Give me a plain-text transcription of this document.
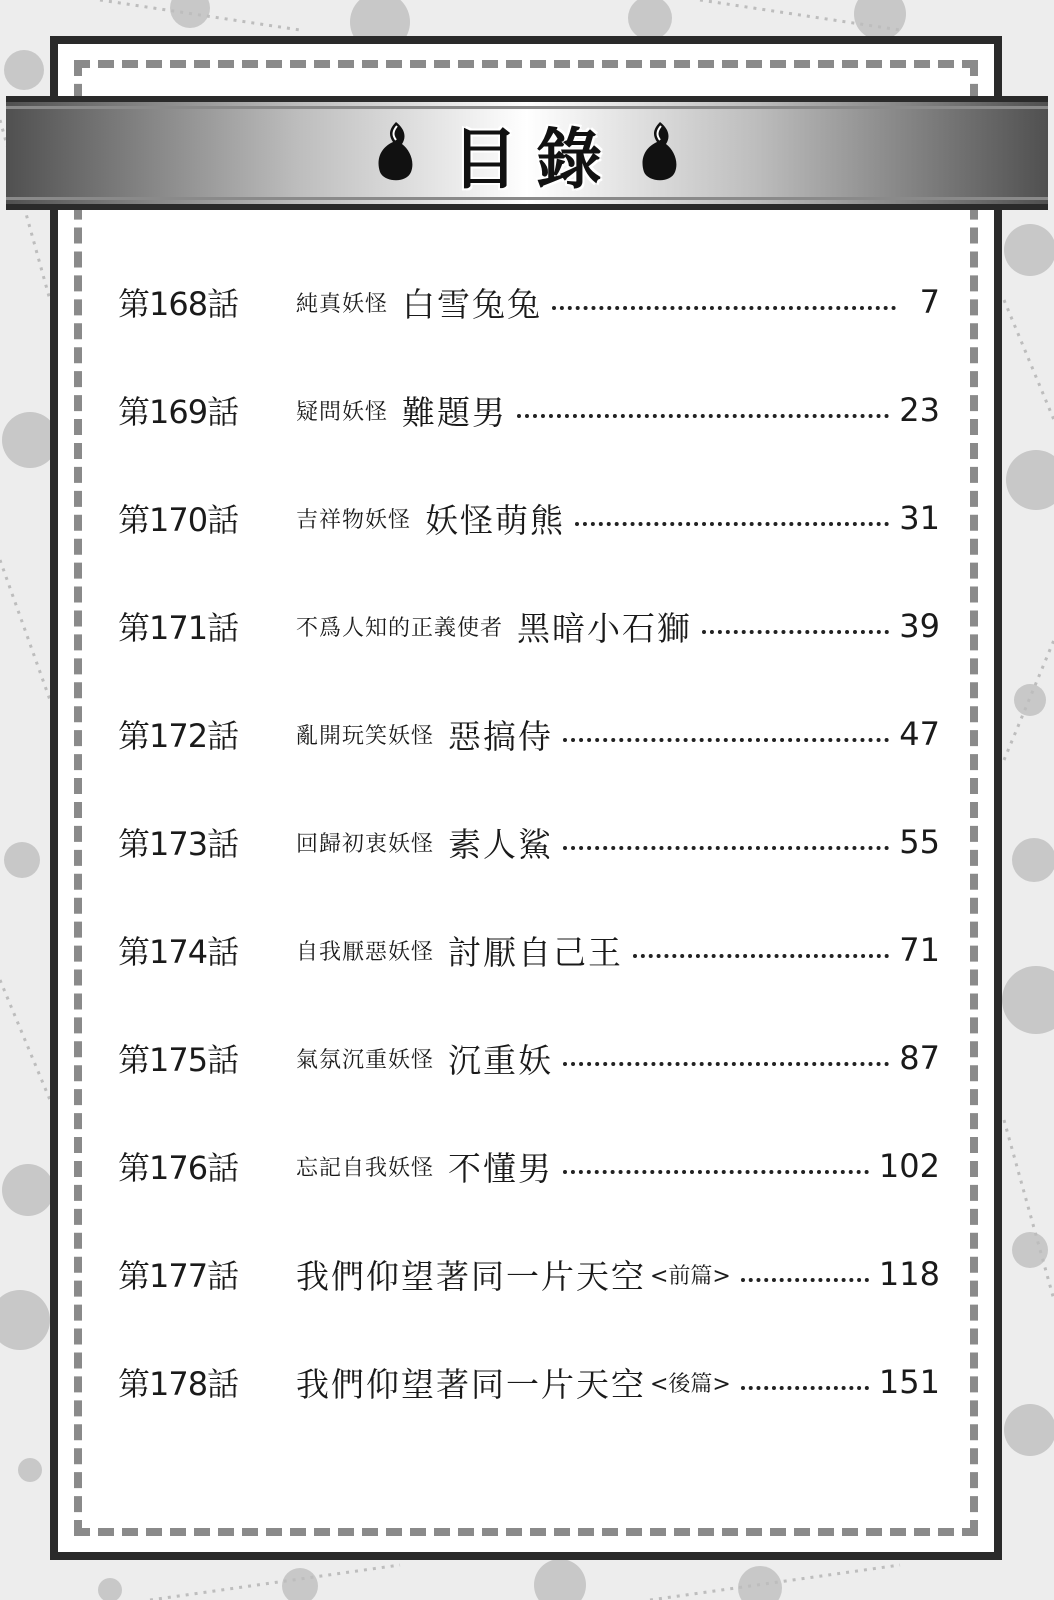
目錄
第168話	純真妖怪 白雪兔兔	7
第169話	疑問妖怪 難題男	23
第170話	吉祥物妖怪 妖怪萌熊	31
第171話	不爲人知的正義使者 黑暗小石獅	39
第172話	亂開玩笑妖怪 惡搞侍	47
第173話	回歸初衷妖怪 素人鯊	55
第174話	自我厭惡妖怪 討厭自己王	71
第175話	氣氛沉重妖怪 沉重妖	87
第176話	忘記自我妖怪 不懂男	102
第177話	我們仰望著同一片天空 <前篇>	118
第178話	我們仰望著同一片天空 <後篇>	151
